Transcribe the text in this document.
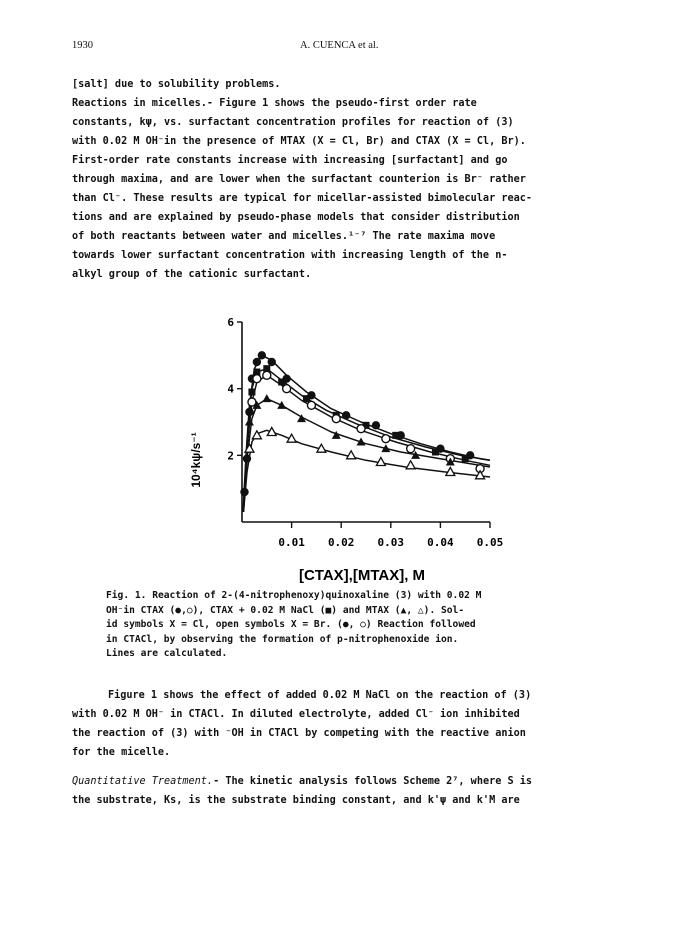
1930	A. CUENCA et al.

[salt] due to solubility problems.

Reactions in micelles.- Figure 1 shows the pseudo-first order rate

constants, kψ, vs. surfactant concentration profiles for reaction of (3)

with 0.02 M OH⁻in the presence of MTAX (X = Cl, Br) and CTAX (X = Cl, Br).

First-order rate constants increase with increasing [surfactant] and go

through maxima, and are lower when the surfactant counterion is Br⁻ rather

than Cl⁻. These results are typical for micellar-assisted bimolecular reac-

tions and are explained by pseudo-phase models that consider distribution

of both reactants between water and micelles.¹⁻⁷ The rate maxima move

towards lower surfactant concentration with increasing length of the n-

alkyl group of the cationic surfactant.

2
4
6
0.01 0.02 0.03 0.04 0.05
10⁴kψ/s⁻¹
[CTAX],[MTAX], M

Fig. 1. Reaction of 2-(4-nitrophenoxy)quinoxaline (3) with 0.02 M

OH⁻in CTAX (●,○), CTAX + 0.02 M NaCl (■) and MTAX (▲, △). Sol-

id symbols X = Cl, open symbols X = Br. (●, ○) Reaction followed

in CTACl, by observing the formation of p-nitrophenoxide ion.

Lines are calculated.

Figure 1 shows the effect of added 0.02 M NaCl on the reaction of (3)

with 0.02 M OH⁻ in CTACl. In diluted electrolyte, added Cl⁻ ion inhibited

the reaction of (3) with ⁻OH in CTACl by competing with the reactive anion

for the micelle.

Quantitative Treatment.- The kinetic analysis follows Scheme 2⁷, where S is

the substrate, Ks, is the substrate binding constant, and k'ψ and k'M are
